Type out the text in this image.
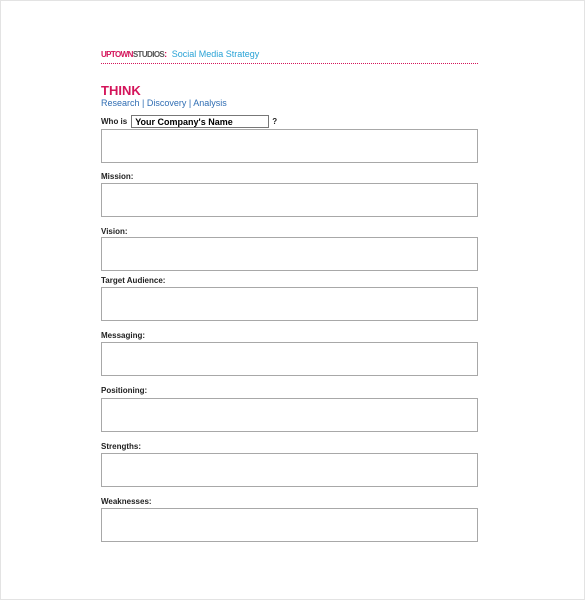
UPTOWNSTUDIOS: Social Media Strategy
THINK
Research | Discovery | Analysis
Who is Your Company's Name	?
Mission:
Vision:
Target Audience:
Messaging:
Positioning:
Strengths:
Weaknesses:
